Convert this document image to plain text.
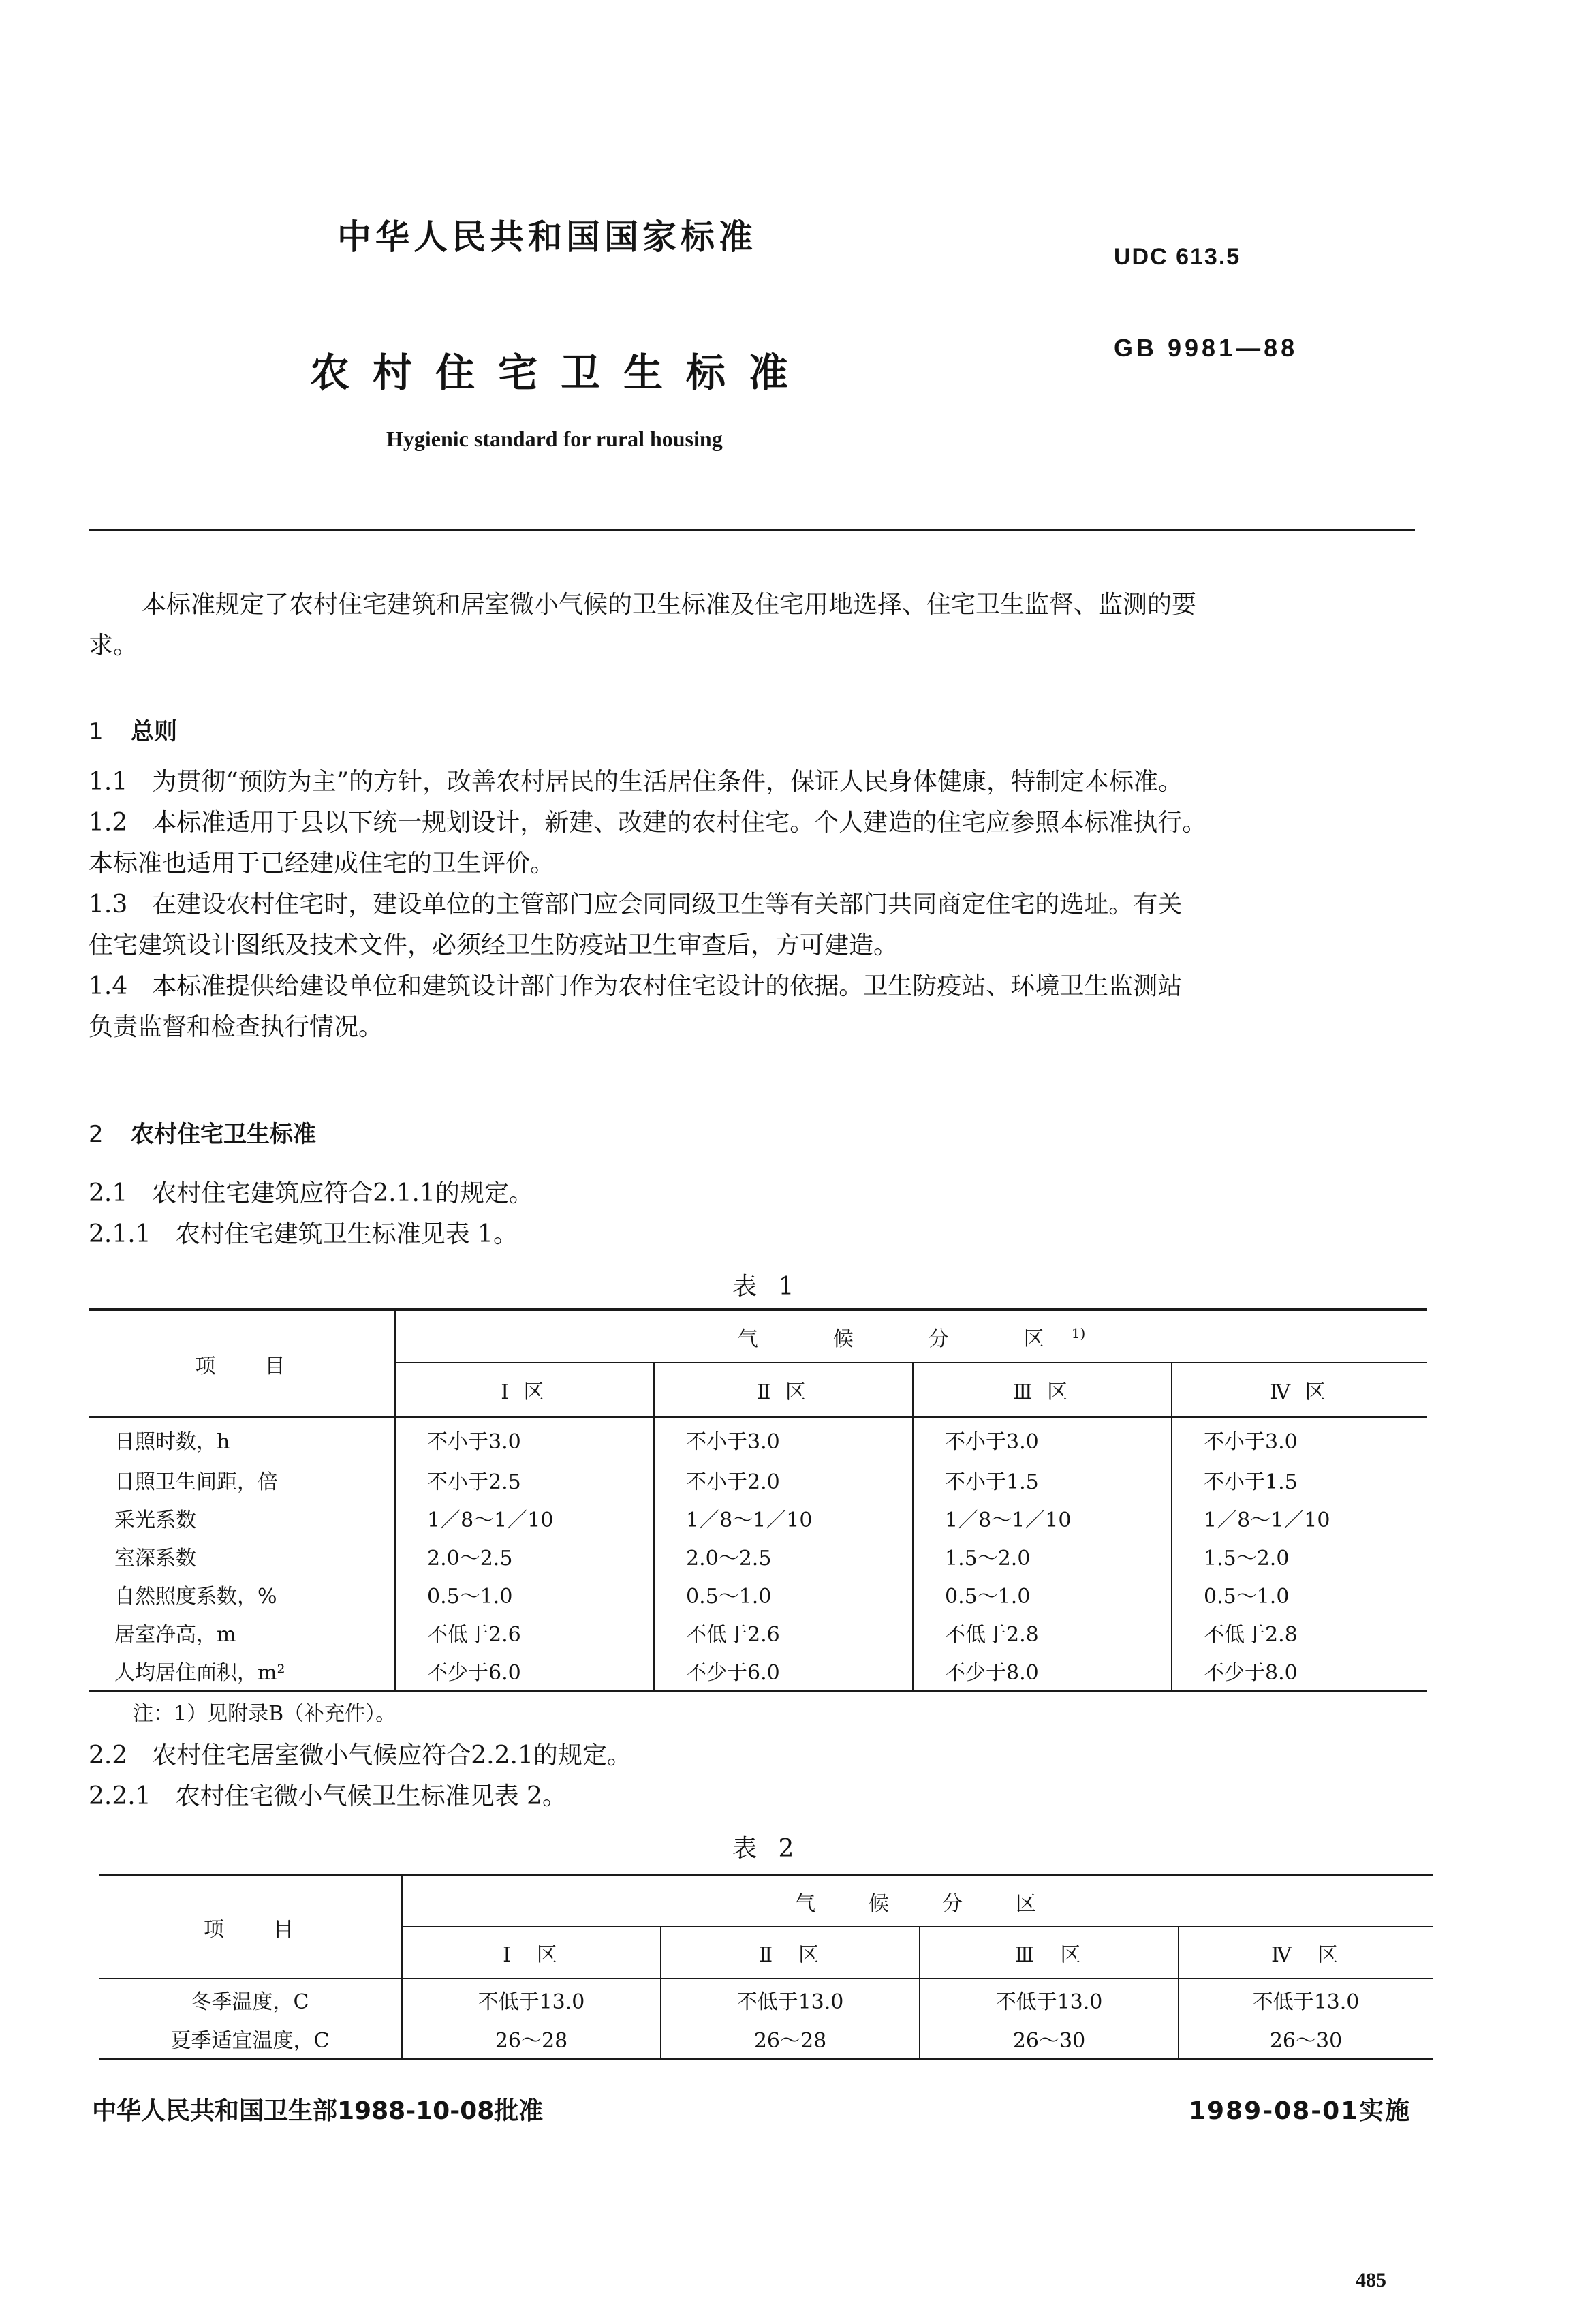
中华人民共和国国家标准	UDC 613.5
农村住宅卫生标准
GB 9981—88
Hygienic standard for rural housing
本标准规定了农村住宅建筑和居室微小气候的卫生标准及住宅用地选择、住宅卫生监督、监测的要
求。
1 总则
1.1　为贯彻“预防为主”的方针，改善农村居民的生活居住条件，保证人民身体健康，特制定本标准。
1.2　本标准适用于县以下统一规划设计，新建、改建的农村住宅。个人建造的住宅应参照本标准执行。
本标准也适用于已经建成住宅的卫生评价。
1.3　在建设农村住宅时，建设单位的主管部门应会同同级卫生等有关部门共同商定住宅的选址。有关
住宅建筑设计图纸及技术文件，必须经卫生防疫站卫生审查后，方可建造。
1.4　本标准提供给建设单位和建筑设计部门作为农村住宅设计的依据。卫生防疫站、环境卫生监测站
负责监督和检查执行情况。
2 农村住宅卫生标准
2.1　农村住宅建筑应符合2.1.1的规定。
2.1.1　农村住宅建筑卫生标准见表 1。
表 1
项　　目	气　候　分　区$^{1)}$
	Ⅰ 区	Ⅱ 区	Ⅲ 区	Ⅳ 区
日照时数，h	不小于3.0	不小于3.0	不小于3.0	不小于3.0
日照卫生间距，倍	不小于2.5	不小于2.0	不小于1.5	不小于1.5
采光系数	1／8～1／10	1／8～1／10	1／8～1／10	1／8～1／10
室深系数	2.0～2.5	2.0～2.5	1.5～2.0	1.5～2.0
自然照度系数，%	0.5～1.0	0.5～1.0	0.5～1.0	0.5～1.0
居室净高，m	不低于2.6	不低于2.6	不低于2.8	不低于2.8
人均居住面积，m²	不少于6.0	不少于6.0	不少于8.0	不少于8.0
注：1）见附录B（补充件）。
2.2　农村住宅居室微小气候应符合2.2.1的规定。
2.2.1　农村住宅微小气候卫生标准见表 2。
表 2
项　　目	气　　候　　分　　区			
	Ⅰ　区	Ⅱ　区	Ⅲ　区	Ⅳ　区
冬季温度，C	不低于13.0	不低于13.0	不低于13.0	不低于13.0
夏季适宜温度，C	26～28	26～28	26～30	26～30
中华人民共和国卫生部1988-10-08批准	1989-08-01实施
485
